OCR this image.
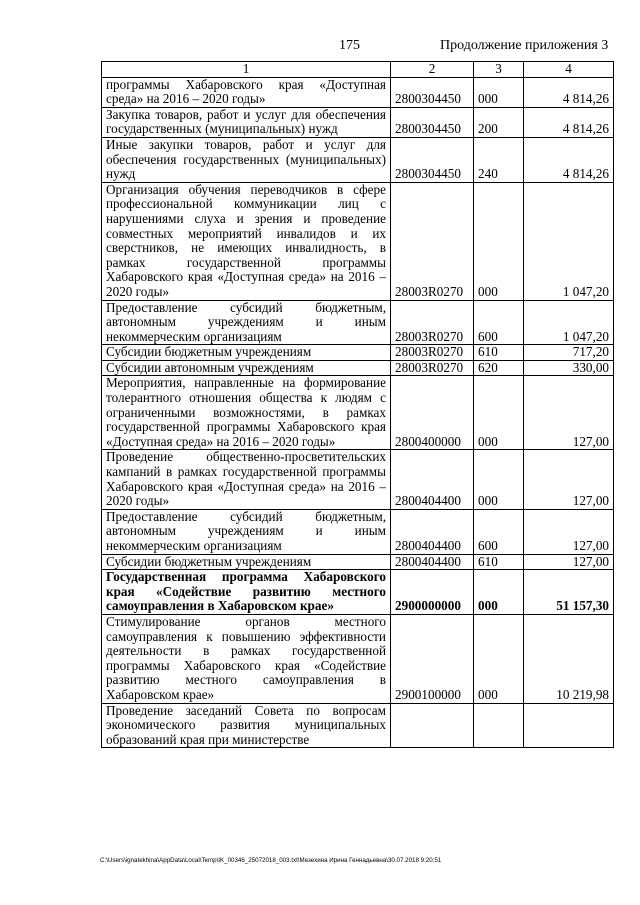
175	Продолжение приложения 3
1	2	3	4
программы Хабаровского края «Доступная среда» на 2016 – 2020 годы»	2800304450	000	4 814,26
Закупка товаров, работ и услуг для обеспечения государственных (муниципальных) нужд	2800304450	200	4 814,26
Иные закупки товаров, работ и услуг для обеспечения государственных (муниципальных) нужд	2800304450	240	4 814,26
Организация обучения переводчиков в сфере профессиональной коммуникации лиц с нарушениями слуха и зрения и проведение совместных мероприятий инвалидов и их сверстников, не имеющих инвалидность, в рамках государственной программы Хабаровского края «Доступная среда» на 2016 – 2020 годы»	28003R0270	000	1 047,20
Предоставление субсидий бюджетным, автономным учреждениям и иным некоммерческим организациям	28003R0270	600	1 047,20
Субсидии бюджетным учреждениям	28003R0270	610	717,20
Субсидии автономным учреждениям	28003R0270	620	330,00
Мероприятия, направленные на формирование толерантного отношения общества к людям с ограниченными возможностями, в рамках государственной программы Хабаровского края «Доступная среда» на 2016 – 2020 годы»	2800400000	000	127,00
Проведение общественно-просветительских кампаний в рамках государственной программы Хабаровского края «Доступная среда» на 2016 – 2020 годы»	2800404400	000	127,00
Предоставление субсидий бюджетным, автономным учреждениям и иным некоммерческим организациям	2800404400	600	127,00
Субсидии бюджетным учреждениям	2800404400	610	127,00
Государственная программа Хабаровского края «Содействие развитию местного самоуправления в Хабаровском крае»	2900000000	000	51 157,30
Стимулирование органов местного самоуправления к повышению эффективности деятельности в рамках государственной программы Хабаровского края «Содействие развитию местного самоуправления в Хабаровском крае»	2900100000	000	10 219,98
Проведение заседаний Совета по вопросам экономического развития муниципальных образований края при министерстве			
C:\Users\ignatekhina\AppData\Local\Temp\IK_00346_25072018_003.txt\Мезехина Ирина Геннадьевна\30.07.2018 9:20:51
